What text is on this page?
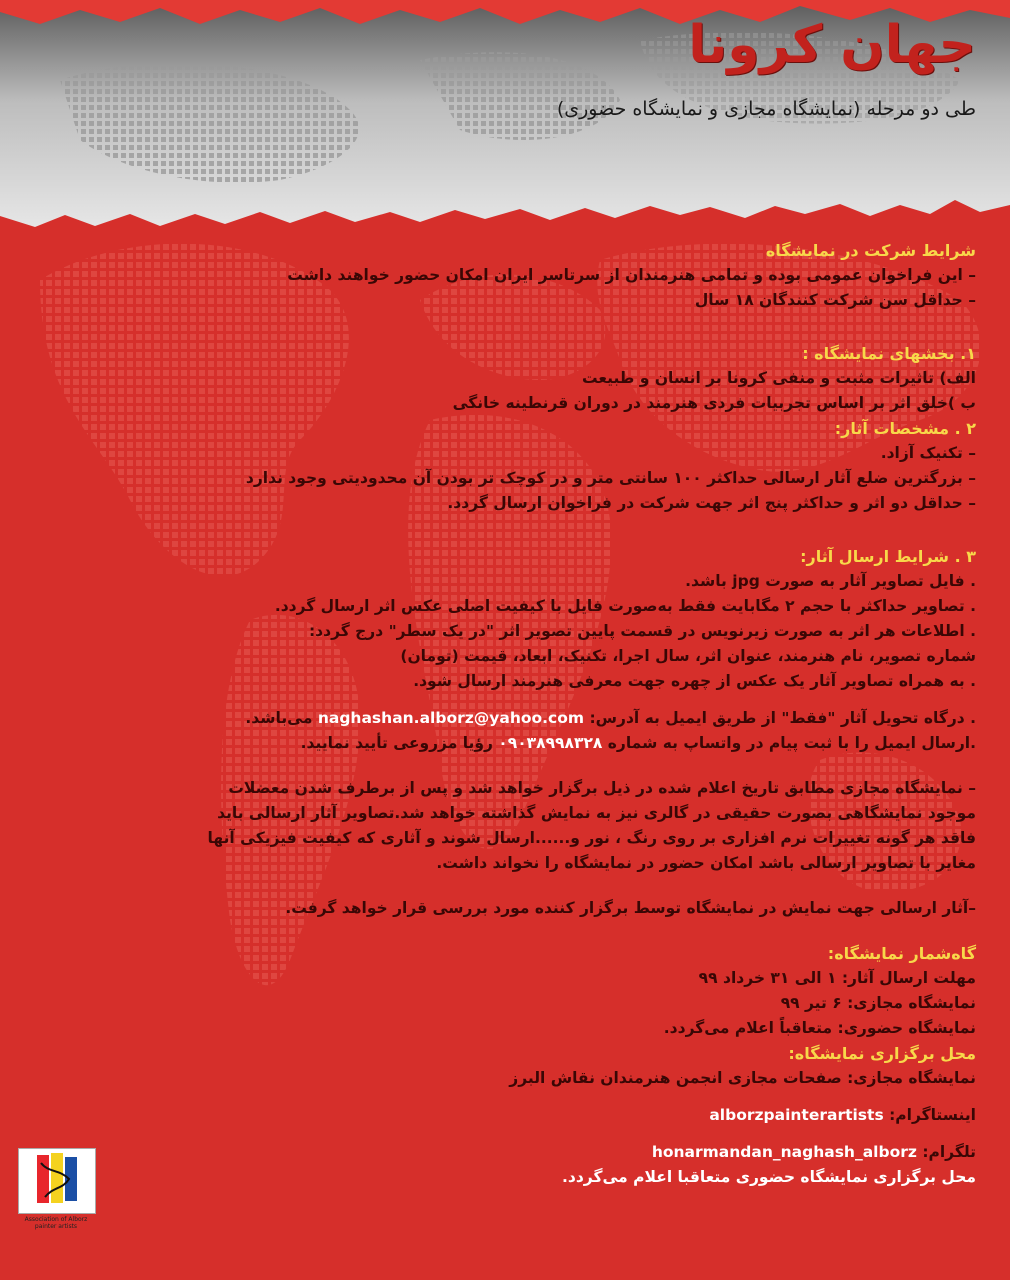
جهان کرونا

طی دو مرحله (نمایشگاه مجازی و نمایشگاه حضوری)

شرایط شرکت در نمایشگاه

– این فراخوان عمومی بوده و تمامی هنرمندان از سرتاسر ایران امکان حضور خواهند داشت

– حداقل سن شرکت کنندگان ۱۸ سال

۱. بخشهای نمایشگاه :

الف) تاثیرات مثبت و منفی کرونا بر انسان و طبیعت

ب )خلق اثر بر اساس تجربیات فردی هنرمند در دوران قرنطینه خانگی

۲ . مشخصات آثار:

– تکنیک آزاد.

– بزرگترین ضلع آثار ارسالی حداکثر ۱۰۰ سانتی متر و در کوچک تر بودن آن محدودیتی وجود ندارد

– حداقل دو اثر و حداکثر پنج اثر جهت شرکت در فراخوان ارسال گردد.

۳ . شرایط ارسال آثار:

. فایل تصاویر آثار به صورت jpg باشد.

. تصاویر حداکثر با حجم ۲ مگابایت فقط به‌صورت فایل با کیفیت اصلی عکس اثر ارسال گردد.

. اطلاعات هر اثر به صورت زیرنویس در قسمت پایین تصویر اثر "در یک سطر" درج گردد:

شماره تصویر، نام هنرمند، عنوان اثر، سال اجرا، تکنیک، ابعاد، قیمت (تومان)

. به همراه تصاویر آثار یک عکس از چهره جهت معرفی هنرمند ارسال شود.

. درگاه تحویل آثار "فقط" از طریق ایمیل به آدرس: naghashan.alborz@yahoo.com می‌باشد.

.ارسال ایمیل را با ثبت پیام در واتساپ به شماره ۰۹۰۳۸۹۹۸۳۲۸ رؤیا مزروعی تأیید نمایید.

– نمایشگاه مجازی مطابق تاریخ اعلام شده در ذیل برگزار خواهد شد و پس از برطرف شدن معضلات

موجود نمایشگاهی بصورت حقیقی در گالری نیز به نمایش گذاشته خواهد شد.تصاویر آثار ارسالی باید

فاقد هر گونه تغییرات نرم افزاری بر روی رنگ ، نور و......ارسال شوند و آثاری که کیفیت فیزیکی آنها

مغایر با تصاویر ارسالی باشد امکان حضور در نمایشگاه را نخواند داشت.

–آثار ارسالی جهت نمایش در نمایشگاه توسط برگزار کننده مورد بررسی قرار خواهد گرفت.

گاه‌شمار نمایشگاه:

مهلت ارسال آثار: ۱ الی ۳۱ خرداد ۹۹

نمایشگاه مجازی: ۶ تیر ۹۹

نمایشگاه حضوری: متعاقباً اعلام می‌گردد.

محل برگزاری نمایشگاه:

نمایشگاه مجازی: صفحات مجازی انجمن هنرمندان نقاش البرز

اینستاگرام: alborzpainterartists

تلگرام: honarmandan_naghash_alborz

محل برگزاری نمایشگاه حضوری متعاقبا اعلام می‌گردد.

Association of Alborz painter artists
